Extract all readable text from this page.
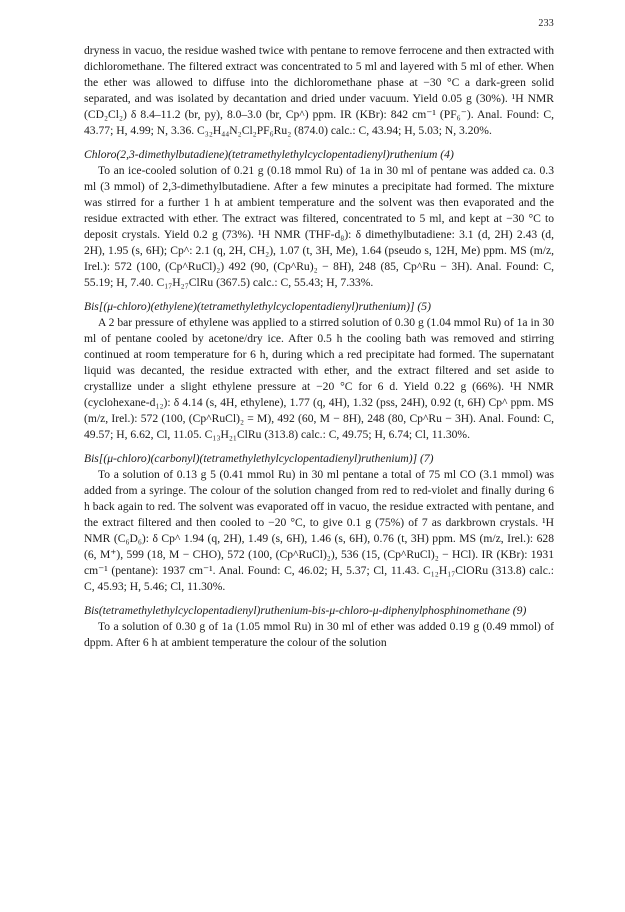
233

dryness in vacuo, the residue washed twice with pentane to remove ferrocene and then extracted with dichloromethane. The filtered extract was concentrated to 5 ml and layered with 5 ml of ether. When the ether was allowed to diffuse into the dichloromethane phase at −30 °C a dark-green solid separated, and was isolated by decantation and dried under vacuum. Yield 0.05 g (30%). ¹H NMR (CD₂Cl₂) δ 8.4–11.2 (br, py), 8.0–3.0 (br, Cp^) ppm. IR (KBr): 842 cm⁻¹ (PF₆⁻). Anal. Found: C, 43.77; H, 4.99; N, 3.36. C₃₂H₄₄N₂Cl₂PF₆Ru₂ (874.0) calc.: C, 43.94; H, 5.03; N, 3.20%.

Chloro(2,3-dimethylbutadiene)(tetramethylethylcyclopentadienyl)ruthenium (4)

To an ice-cooled solution of 0.21 g (0.18 mmol Ru) of 1a in 30 ml of pentane was added ca. 0.3 ml (3 mmol) of 2,3-dimethylbutadiene. After a few minutes a precipitate had formed. The mixture was stirred for a further 1 h at ambient temperature and the solvent was then evaporated and the residue extracted with ether. The extract was filtered, concentrated to 5 ml, and kept at −30 °C to deposit crystals. Yield 0.2 g (73%). ¹H NMR (THF-d₈): δ dimethylbutadiene: 3.1 (d, 2H) 2.43 (d, 2H), 1.95 (s, 6H); Cp^: 2.1 (q, 2H, CH₂), 1.07 (t, 3H, Me), 1.64 (pseudo s, 12H, Me) ppm. MS (m/z, Irel.): 572 (100, (Cp^RuCl)₂) 492 (90, (Cp^Ru)₂ − 8H), 248 (85, Cp^Ru − 3H). Anal. Found: C, 55.19; H, 7.40. C₁₇H₂₇ClRu (367.5) calc.: C, 55.43; H, 7.33%.

Bis[(μ-chloro)(ethylene)(tetramethylethylcyclopentadienyl)ruthenium)] (5)

A 2 bar pressure of ethylene was applied to a stirred solution of 0.30 g (1.04 mmol Ru) of 1a in 30 ml of pentane cooled by acetone/dry ice. After 0.5 h the cooling bath was removed and stirring continued at room temperature for 6 h, during which a red precipitate had formed. The supernatant liquid was decanted, the residue extracted with ether, and the extract filtered and set aside to crystallize under a slight ethylene pressure at −20 °C for 6 d. Yield 0.22 g (66%). ¹H NMR (cyclohexane-d₁₂): δ 4.14 (s, 4H, ethylene), 1.77 (q, 4H), 1.32 (pss, 24H), 0.92 (t, 6H) Cp^ ppm. MS (m/z, Irel.): 572 (100, (Cp^RuCl)₂ = M), 492 (60, M − 8H), 248 (80, Cp^Ru − 3H). Anal. Found: C, 49.57; H, 6.62, Cl, 11.05. C₁₃H₂₁ClRu (313.8) calc.: C, 49.75; H, 6.74; Cl, 11.30%.

Bis[(μ-chloro)(carbonyl)(tetramethylethylcyclopentadienyl)ruthenium)] (7)

To a solution of 0.13 g 5 (0.41 mmol Ru) in 30 ml pentane a total of 75 ml CO (3.1 mmol) was added from a syringe. The colour of the solution changed from red to red-violet and finally during 6 h back again to red. The solvent was evaporated off in vacuo, the residue extracted with pentane, and the extract filtered and then cooled to −20 °C, to give 0.1 g (75%) of 7 as darkbrown crystals. ¹H NMR (C₆D₆): δ Cp^ 1.94 (q, 2H), 1.49 (s, 6H), 1.46 (s, 6H), 0.76 (t, 3H) ppm. MS (m/z, Irel.): 628 (6, M⁺), 599 (18, M − CHO), 572 (100, (Cp^RuCl)₂), 536 (15, (Cp^RuCl)₂ − HCl). IR (KBr): 1931 cm⁻¹ (pentane): 1937 cm⁻¹. Anal. Found: C, 46.02; H, 5.37; Cl, 11.43. C₁₂H₁₇ClORu (313.8) calc.: C, 45.93; H, 5.46; Cl, 11.30%.

Bis(tetramethylethylcyclopentadienyl)ruthenium-bis-μ-chloro-μ-diphenylphosphinomethane (9)

To a solution of 0.30 g of 1a (1.05 mmol Ru) in 30 ml of ether was added 0.19 g (0.49 mmol) of dppm. After 6 h at ambient temperature the colour of the solution
